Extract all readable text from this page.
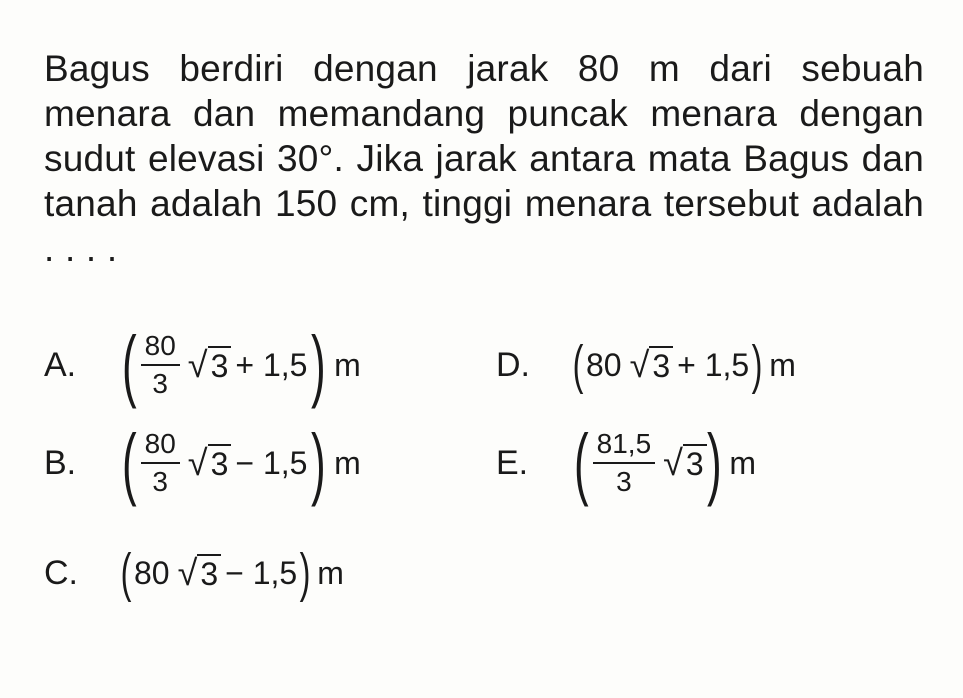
Bagus berdiri dengan jarak 80 m dari sebuah menara dan memandang puncak menara dengan sudut elevasi 30°. Jika jarak antara mata Bagus dan tanah adalah 150 cm, tinggi menara tersebut adalah . . . .
A. ( $\frac{80}{3}$ √ 3 + 1,5 ) m	D. ( 80 √ 3 + 1,5 ) m
B. ( $\frac{80}{3}$ √ 3 − 1,5 ) m	E. ( $\frac{81,5}{3}$ √ 3 ) m
C. ( 80 √ 3 − 1,5 ) m
